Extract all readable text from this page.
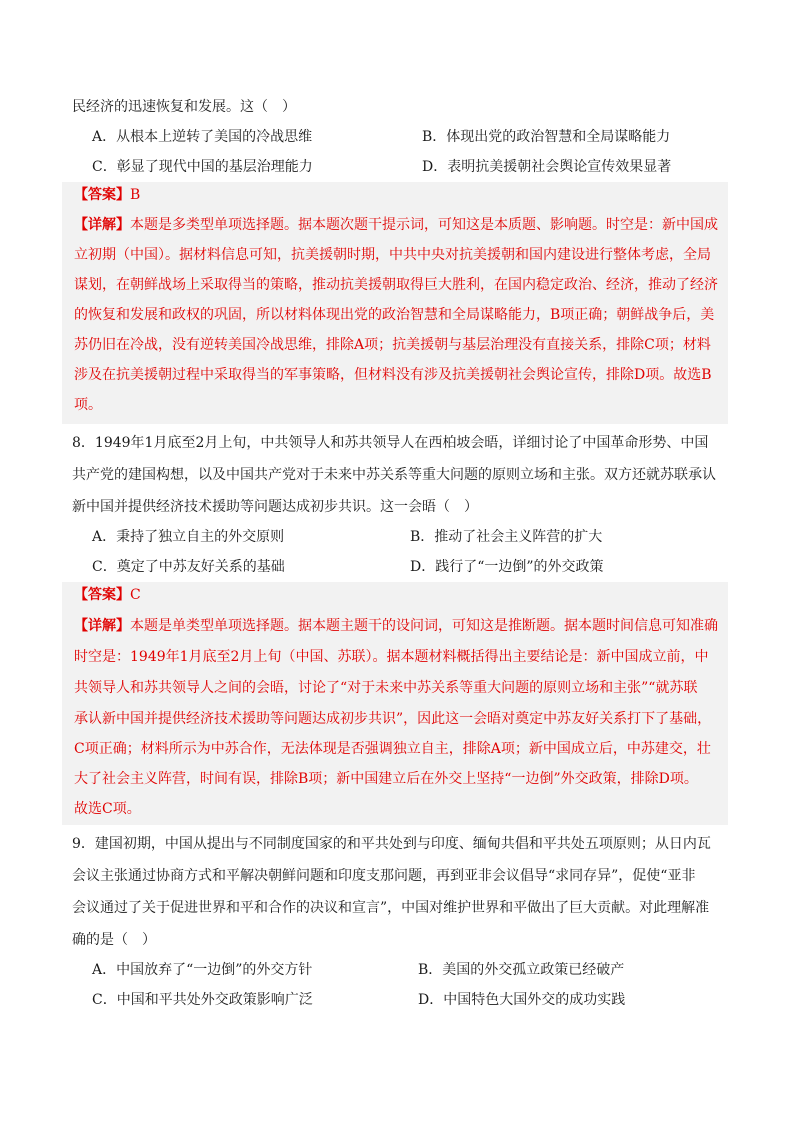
民经济的迅速恢复和发展。这（　）
A．从根本上逆转了美国的冷战思维	B．体现出党的政治智慧和全局谋略能力
C．彰显了现代中国的基层治理能力	D．表明抗美援朝社会舆论宣传效果显著
【答案】B
【详解】本题是多类型单项选择题。据本题次题干提示词，可知这是本质题、影响题。时空是：新中国成
立初期（中国）。据材料信息可知，抗美援朝时期，中共中央对抗美援朝和国内建设进行整体考虑，全局
谋划，在朝鲜战场上采取得当的策略，推动抗美援朝取得巨大胜利，在国内稳定政治、经济，推动了经济
的恢复和发展和政权的巩固，所以材料体现出党的政治智慧和全局谋略能力，B项正确；朝鲜战争后，美
苏仍旧在冷战，没有逆转美国冷战思维，排除A项；抗美援朝与基层治理没有直接关系，排除C项；材料
涉及在抗美援朝过程中采取得当的军事策略，但材料没有涉及抗美援朝社会舆论宣传，排除D项。故选B
项。
8．1949年1月底至2月上旬，中共领导人和苏共领导人在西柏坡会晤，详细讨论了中国革命形势、中国
共产党的建国构想，以及中国共产党对于未来中苏关系等重大问题的原则立场和主张。双方还就苏联承认
新中国并提供经济技术援助等问题达成初步共识。这一会晤（　）
A．秉持了独立自主的外交原则	B．推动了社会主义阵营的扩大
C．奠定了中苏友好关系的基础	D．践行了“一边倒”的外交政策
【答案】C
【详解】本题是单类型单项选择题。据本题主题干的设问词，可知这是推断题。据本题时间信息可知准确
时空是：1949年1月底至2月上旬（中国、苏联）。据本题材料概括得出主要结论是：新中国成立前，中
共领导人和苏共领导人之间的会晤，讨论了“对于未来中苏关系等重大问题的原则立场和主张”“就苏联
承认新中国并提供经济技术援助等问题达成初步共识”，因此这一会晤对奠定中苏友好关系打下了基础，
C项正确；材料所示为中苏合作，无法体现是否强调独立自主，排除A项；新中国成立后，中苏建交，壮
大了社会主义阵营，时间有误，排除B项；新中国建立后在外交上坚持“一边倒”外交政策，排除D项。
故选C项。
9．建国初期，中国从提出与不同制度国家的和平共处到与印度、缅甸共倡和平共处五项原则；从日内瓦
会议主张通过协商方式和平解决朝鲜问题和印度支那问题，再到亚非会议倡导“求同存异”，促使“亚非
会议通过了关于促进世界和平和合作的决议和宣言”，中国对维护世界和平做出了巨大贡献。对此理解准
确的是（　）
A．中国放弃了“一边倒”的外交方针	B．美国的外交孤立政策已经破产
C．中国和平共处外交政策影响广泛	D．中国特色大国外交的成功实践
